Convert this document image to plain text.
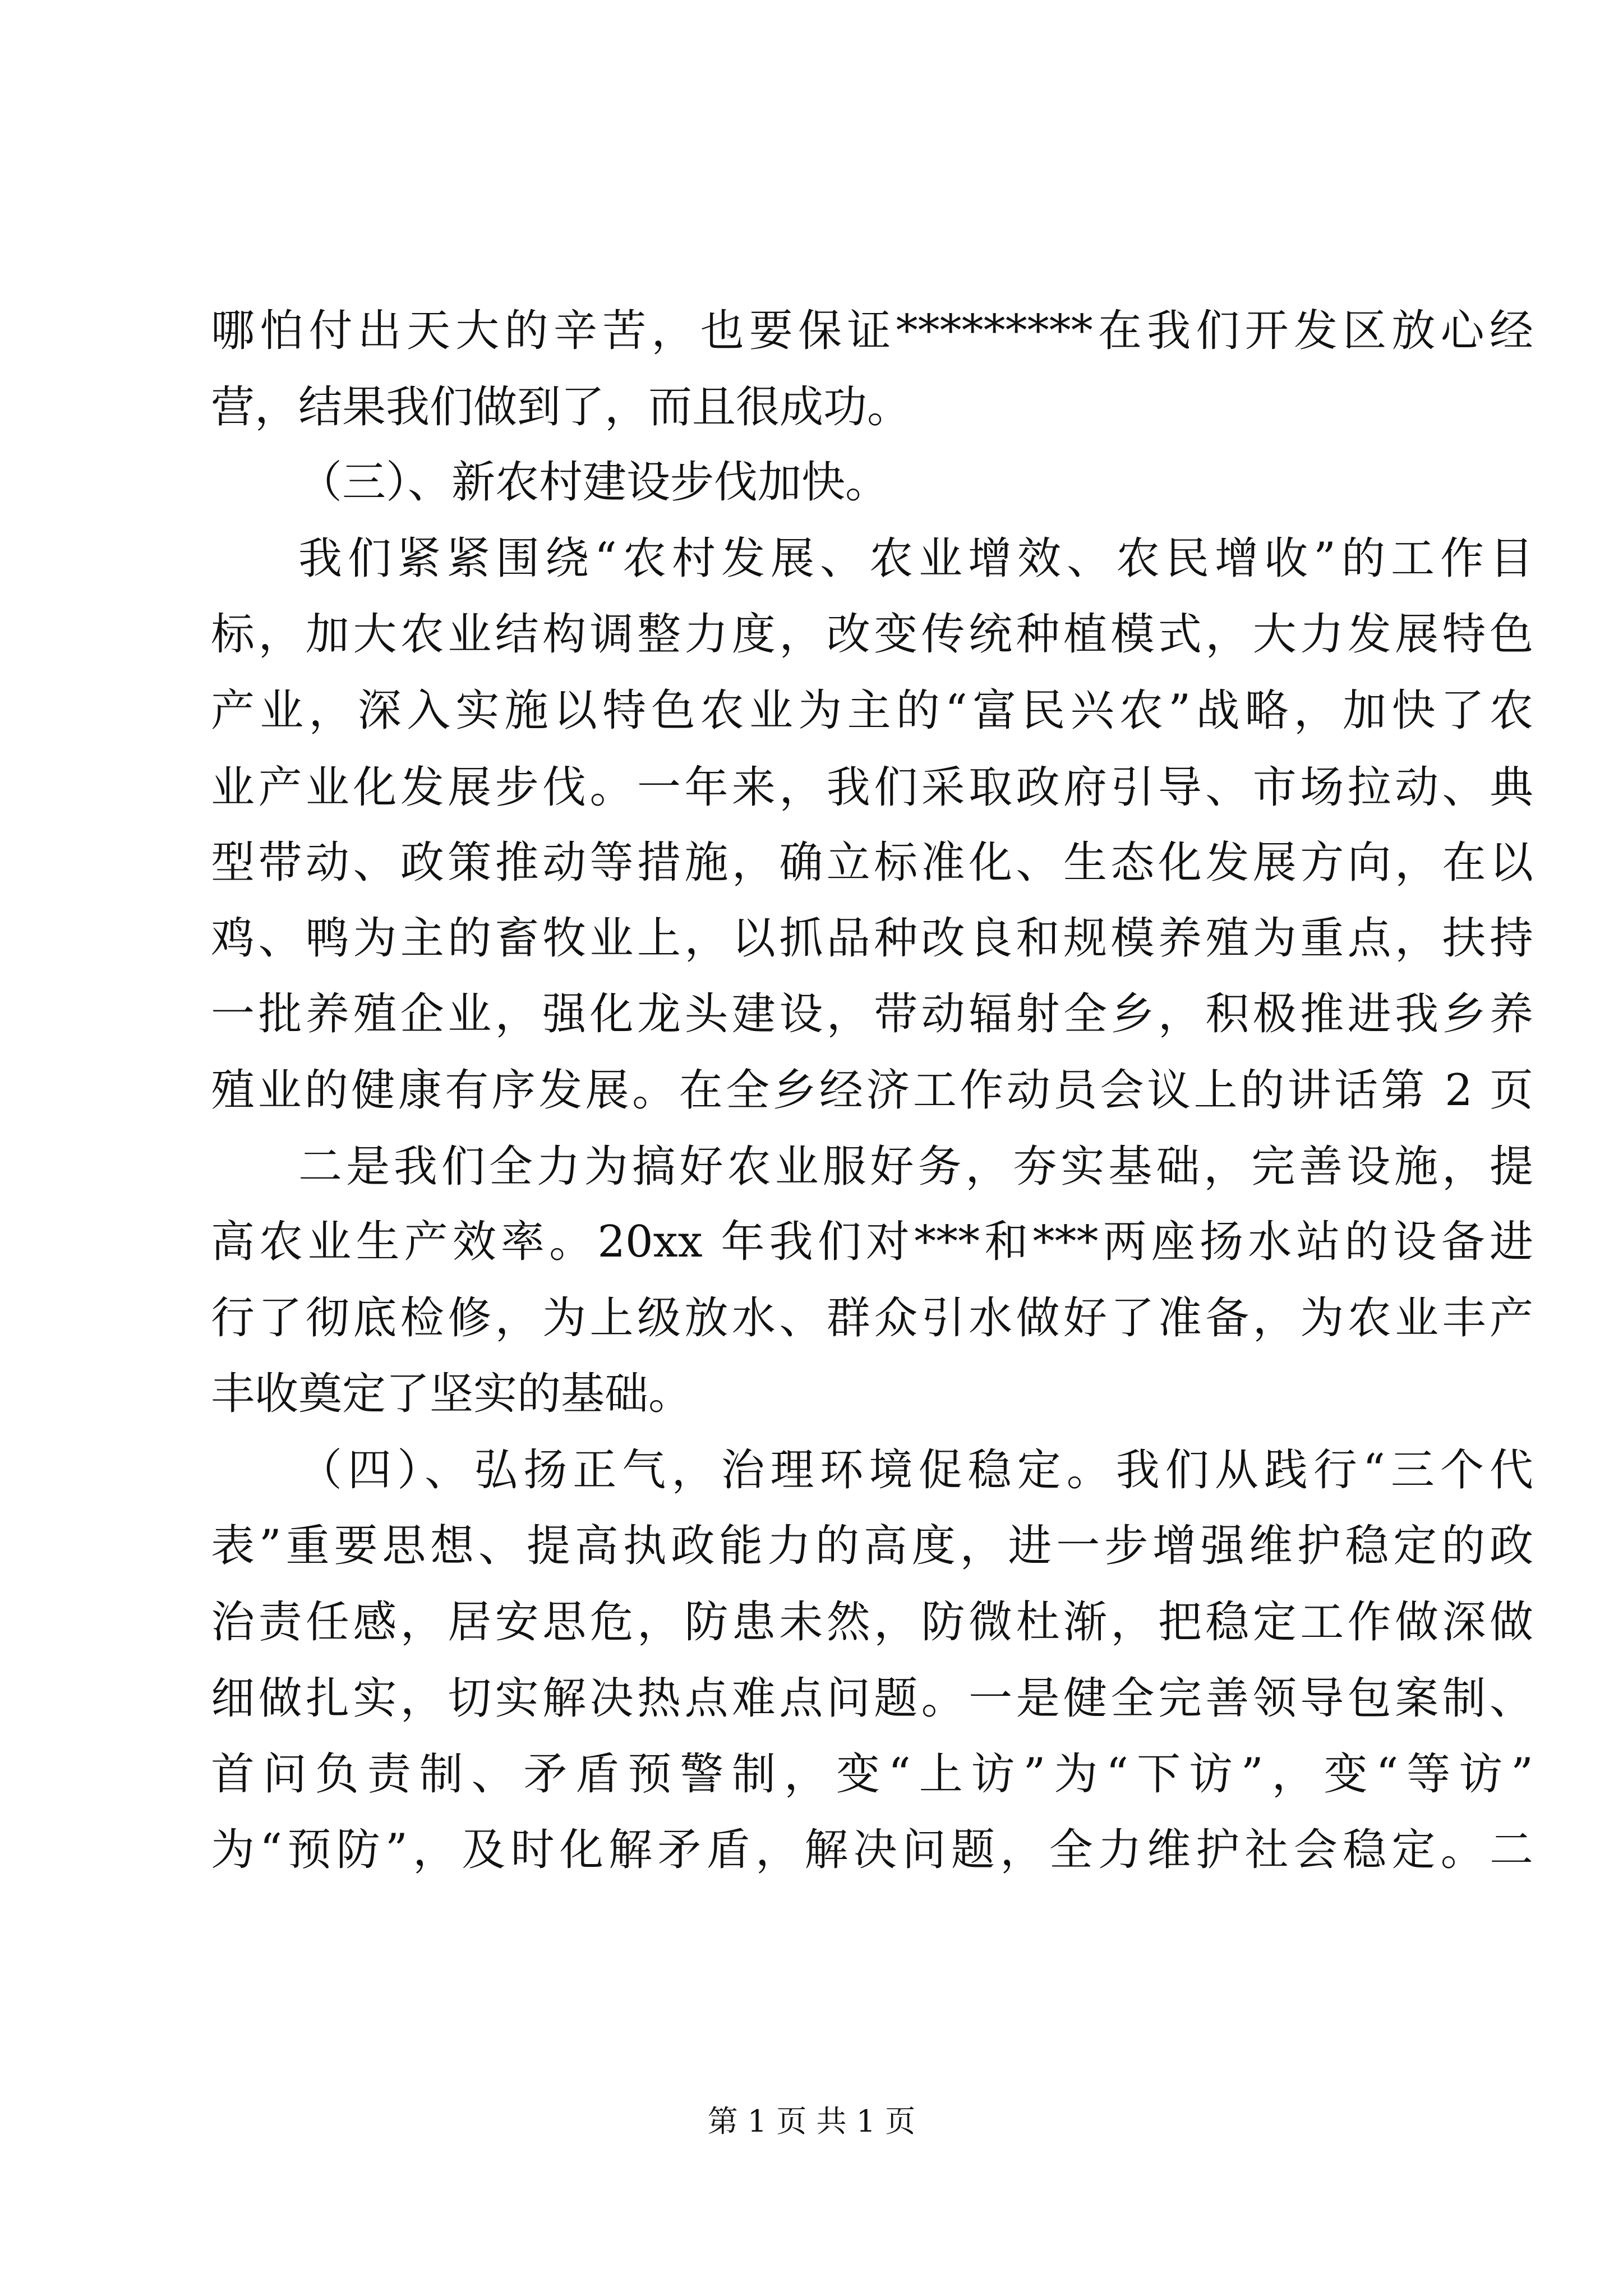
哪怕付出天大的辛苦，也要保证*********在我们开发区放心经
营，结果我们做到了，而且很成功。
（三）、新农村建设步伐加快。
我们紧紧围绕“农村发展、农业增效、农民增收”的工作目
标，加大农业结构调整力度，改变传统种植模式，大力发展特色
产业，深入实施以特色农业为主的“富民兴农”战略，加快了农
业产业化发展步伐。一年来，我们采取政府引导、市场拉动、典
型带动、政策推动等措施，确立标准化、生态化发展方向，在以
鸡、鸭为主的畜牧业上，以抓品种改良和规模养殖为重点，扶持
一批养殖企业，强化龙头建设，带动辐射全乡，积极推进我乡养
殖业的健康有序发展。在全乡经济工作动员会议上的讲话第 2 页
二是我们全力为搞好农业服好务，夯实基础，完善设施，提
高农业生产效率。20xx 年我们对***和***两座扬水站的设备进
行了彻底检修，为上级放水、群众引水做好了准备，为农业丰产
丰收奠定了坚实的基础。
（四）、弘扬正气，治理环境促稳定。我们从践行“三个代
表”重要思想、提高执政能力的高度，进一步增强维护稳定的政
治责任感，居安思危，防患未然，防微杜渐，把稳定工作做深做
细做扎实，切实解决热点难点问题。一是健全完善领导包案制、
首问负责制、矛盾预警制，变“上访”为“下访”，变“等访”
为“预防”，及时化解矛盾，解决问题，全力维护社会稳定。二
第 1 页 共 1 页
